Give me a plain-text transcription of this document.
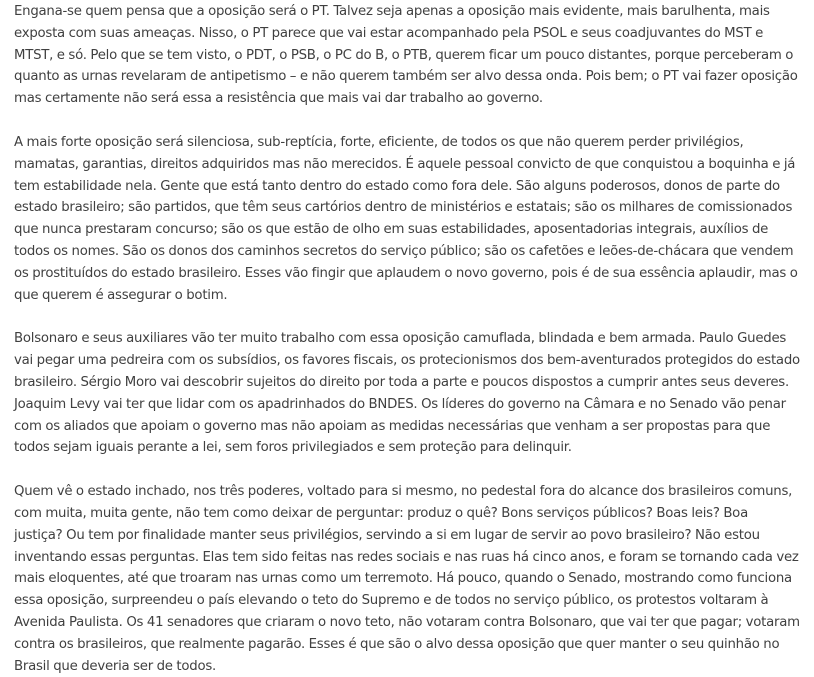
Engana-se quem pensa que a oposição será o PT. Talvez seja apenas a oposição mais evidente, mais barulhenta, mais exposta com suas ameaças. Nisso, o PT parece que vai estar acompanhado pela PSOL e seus coadjuvantes do MST e MTST, e só. Pelo que se tem visto, o PDT, o PSB, o PC do B, o PTB, querem ficar um pouco distantes, porque perceberam o quanto as urnas revelaram de antipetismo – e não querem também ser alvo dessa onda. Pois bem; o PT vai fazer oposição mas certamente não será essa a resistência que mais vai dar trabalho ao governo.

A mais forte oposição será silenciosa, sub-reptícia, forte, eficiente, de todos os que não querem perder privilégios, mamatas, garantias, direitos adquiridos mas não merecidos. É aquele pessoal convicto de que conquistou a boquinha e já tem estabilidade nela. Gente que está tanto dentro do estado como fora dele. São alguns poderosos, donos de parte do estado brasileiro; são partidos, que têm seus cartórios dentro de ministérios e estatais; são os milhares de comissionados que nunca prestaram concurso; são os que estão de olho em suas estabilidades, aposentadorias integrais, auxílios de todos os nomes. São os donos dos caminhos secretos do serviço público; são os cafetões e leões-de-chácara que vendem os prostituídos do estado brasileiro. Esses vão fingir que aplaudem o novo governo, pois é de sua essência aplaudir, mas o que querem é assegurar o botim.

Bolsonaro e seus auxiliares vão ter muito trabalho com essa oposição camuflada, blindada e bem armada. Paulo Guedes vai pegar uma pedreira com os subsídios, os favores fiscais, os protecionismos dos bem-aventurados protegidos do estado brasileiro. Sérgio Moro vai descobrir sujeitos do direito por toda a parte e poucos dispostos a cumprir antes seus deveres. Joaquim Levy vai ter que lidar com os apadrinhados do BNDES. Os líderes do governo na Câmara e no Senado vão penar com os aliados que apoiam o governo mas não apoiam as medidas necessárias que venham a ser propostas para que todos sejam iguais perante a lei, sem foros privilegiados e sem proteção para delinquir.

Quem vê o estado inchado, nos três poderes, voltado para si mesmo, no pedestal fora do alcance dos brasileiros comuns, com muita, muita gente, não tem como deixar de perguntar: produz o quê? Bons serviços públicos? Boas leis? Boa justiça? Ou tem por finalidade manter seus privilégios, servindo a si em lugar de servir ao povo brasileiro? Não estou inventando essas perguntas. Elas tem sido feitas nas redes sociais e nas ruas há cinco anos, e foram se tornando cada vez mais eloquentes, até que troaram nas urnas como um terremoto. Há pouco, quando o Senado, mostrando como funciona essa oposição, surpreendeu o país elevando o teto do Supremo e de todos no serviço público, os protestos voltaram à Avenida Paulista. Os 41 senadores que criaram o novo teto, não votaram contra Bolsonaro, que vai ter que pagar; votaram contra os brasileiros, que realmente pagarão. Esses é que são o alvo dessa oposição que quer manter o seu quinhão no Brasil que deveria ser de todos.
